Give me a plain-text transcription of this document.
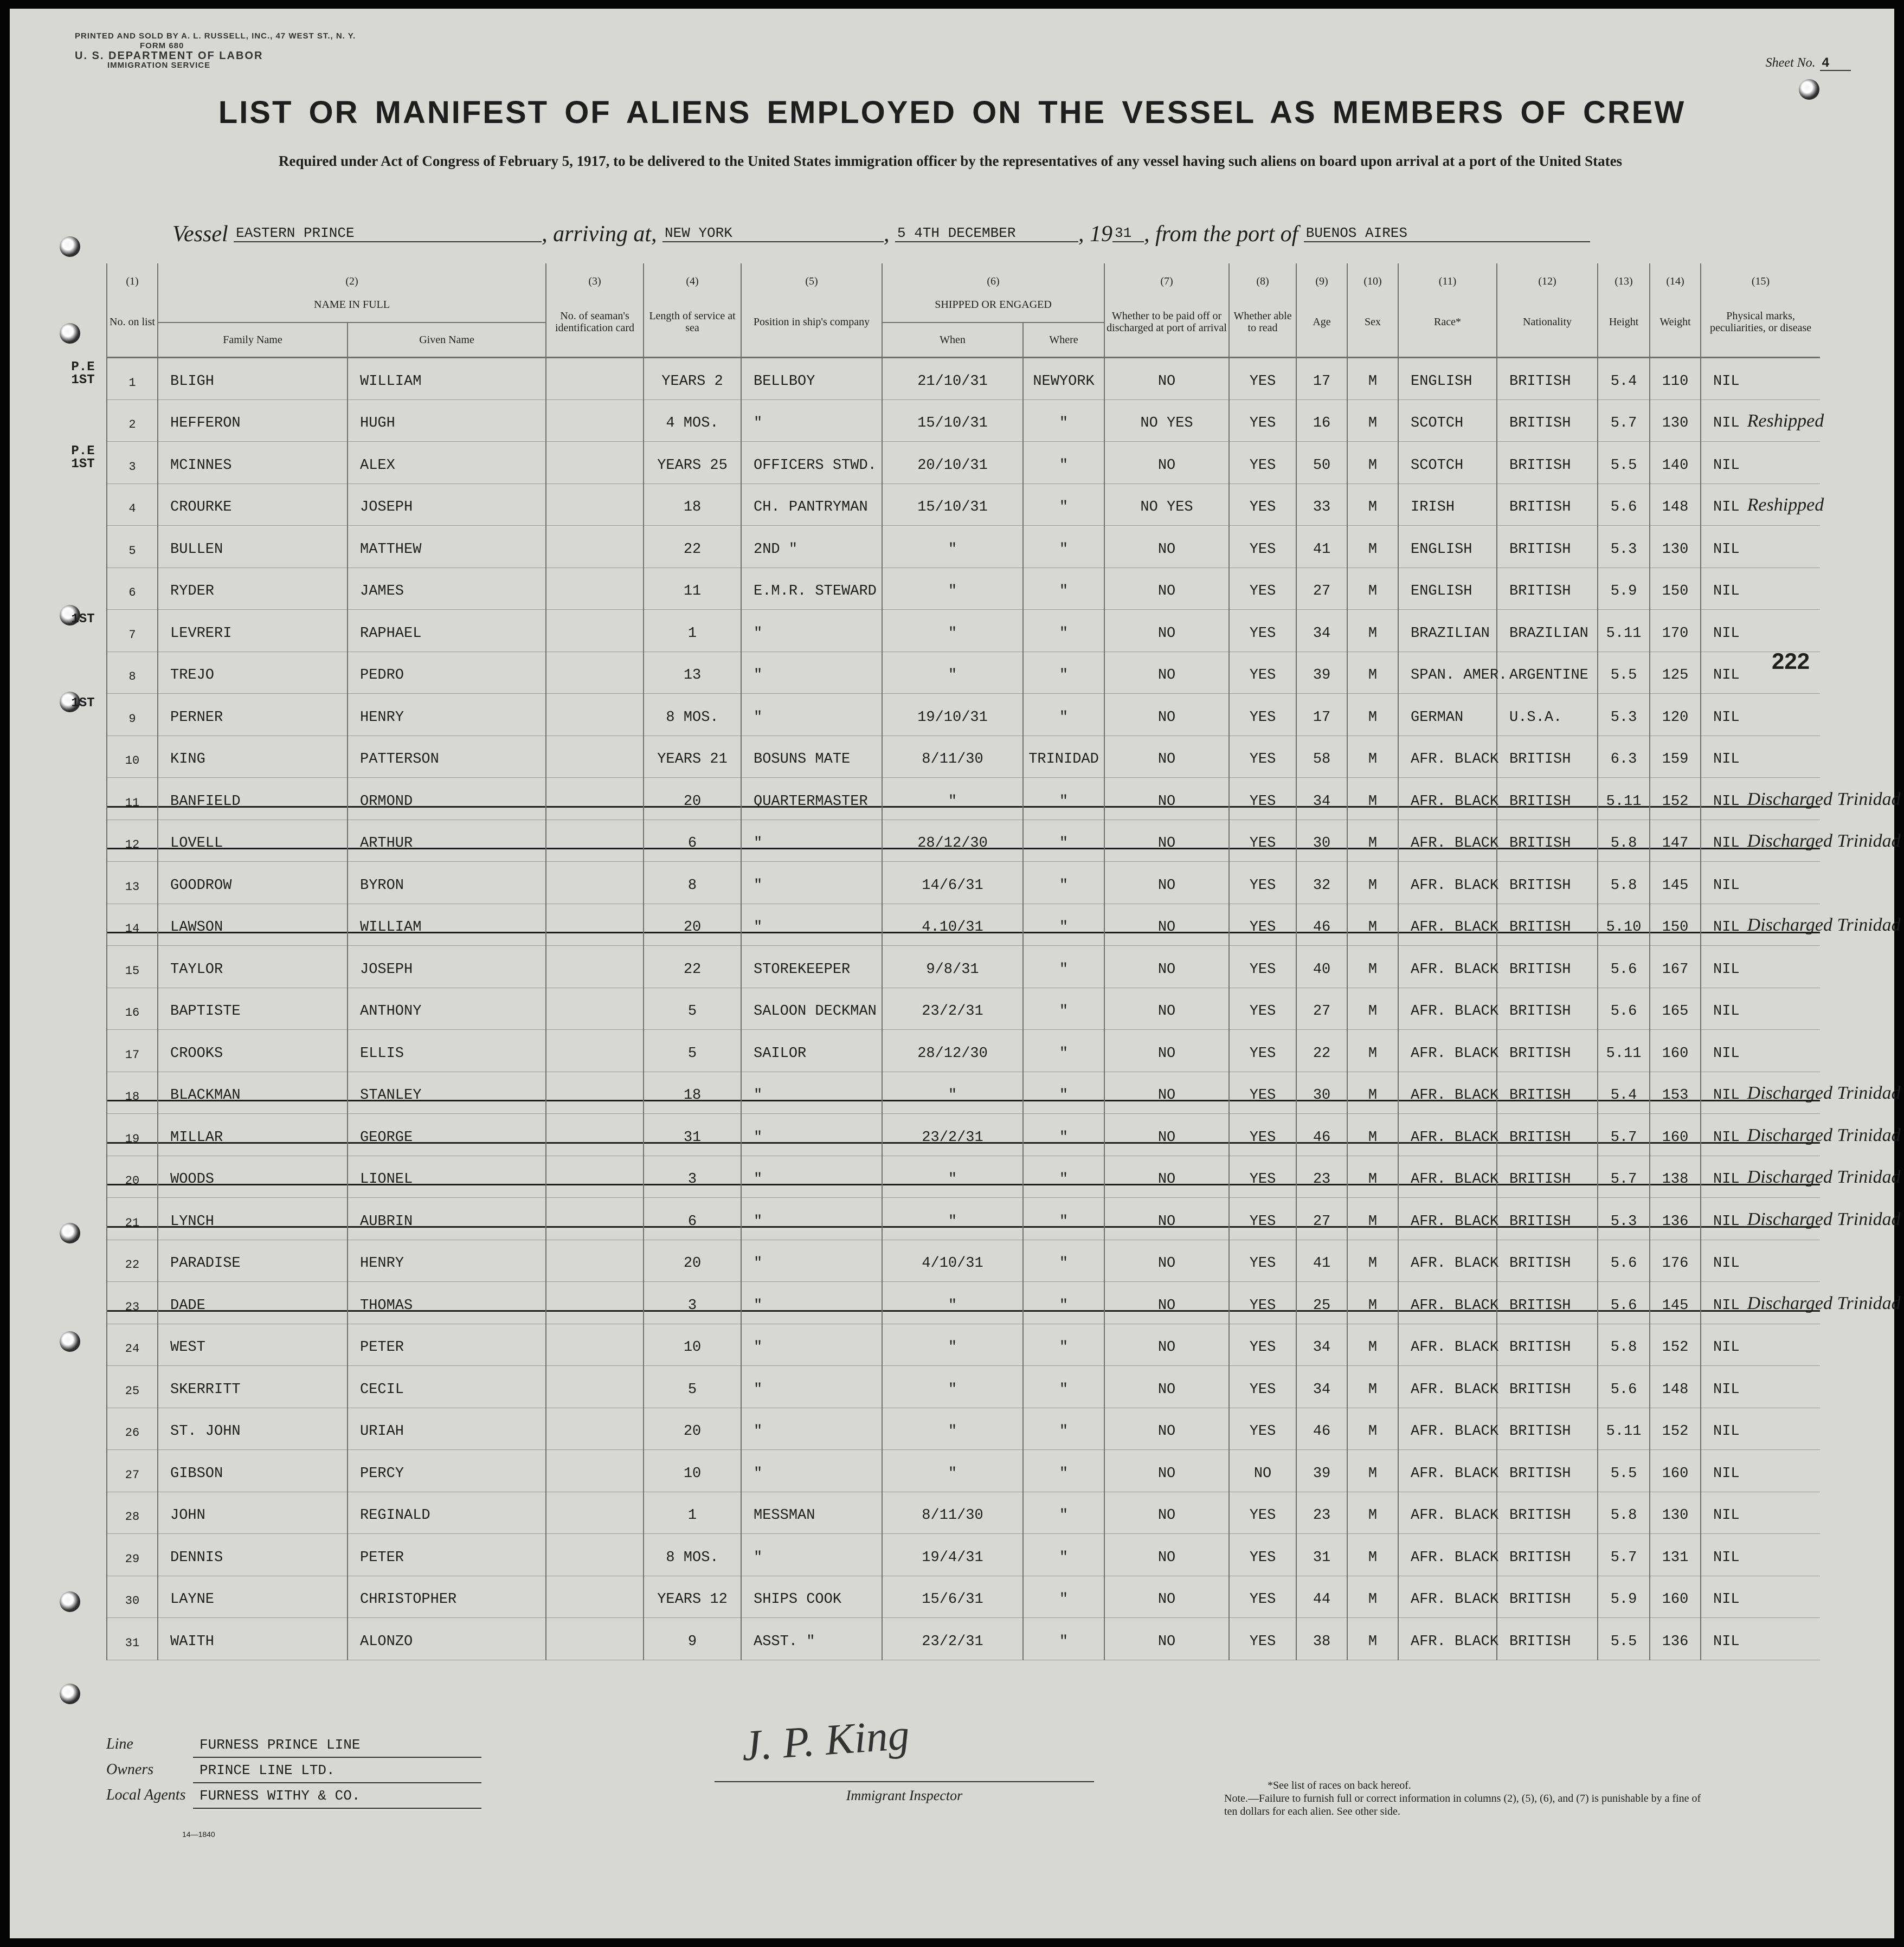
PRINTED AND SOLD BY A. L. RUSSELL, INC., 47 WEST ST., N. Y.
FORM 680
U. S. DEPARTMENT OF LABOR
IMMIGRATION SERVICE	Sheet No. 4
LIST OR MANIFEST OF ALIENS EMPLOYED ON THE VESSEL AS MEMBERS OF CREW
Required under Act of Congress of February 5, 1917, to be delivered to the United States immigration officer by the representatives of any vessel having such aliens on board upon arrival at a port of the United States
Vessel EASTERN PRINCE	, arriving at, NEW YORK	, 5 4TH DECEMBER	, 19 31 , from the port of BUENOS AIRES
(1)	(2)		(3)	(4)	(5)	(6)		(7)	(8)	(9)	(10)	(11)	(12)	(13)	(14)	(15)
No. on list	NAME IN FULL		No. of seaman's identification card	Length of service at sea	Position in ship's company	SHIPPED OR ENGAGED		Whether to be paid off or discharged at port of arrival	Whether able to read	Age	Sex	Race*	Nationality	Height	Weight	Physical marks, peculiarities, or disease
	Family Name	Given Name				When	Where									
1	BLIGH	WILLIAM		YEARS 2	BELLBOY	21/10/31	NEWYORK	NO	YES	17	M	ENGLISH	BRITISH	5.4	110	NIL
2	HEFFERON	HUGH		4 MOS.	"	15/10/31	"	NO YES	YES	16	M	SCOTCH	BRITISH	5.7	130	NIL Reshipped
3	MCINNES	ALEX		YEARS 25	OFFICERS STWD.	20/10/31	"	NO	YES	50	M	SCOTCH	BRITISH	5.5	140	NIL
4	CROURKE	JOSEPH		18	CH. PANTRYMAN	15/10/31	"	NO YES	YES	33	M	IRISH	BRITISH	5.6	148	NIL Reshipped
5	BULLEN	MATTHEW		22	2ND "	"	"	NO	YES	41	M	ENGLISH	BRITISH	5.3	130	NIL
6	RYDER	JAMES		11	E.M.R. STEWARD	"	"	NO	YES	27	M	ENGLISH	BRITISH	5.9	150	NIL
7	LEVRERI	RAPHAEL		1	"	"	"	NO	YES	34	M	BRAZILIAN	BRAZILIAN	5.11	170	NIL
8	TREJO	PEDRO		13	"	"	"	NO	YES	39	M	SPAN. AMER.	ARGENTINE	5.5	125	NIL
9	PERNER	HENRY		8 MOS.	"	19/10/31	"	NO	YES	17	M	GERMAN	U.S.A.	5.3	120	NIL
10	KING	PATTERSON		YEARS 21	BOSUNS MATE	8/11/30	TRINIDAD	NO	YES	58	M	AFR. BLACK	BRITISH	6.3	159	NIL
11	BANFIELD	ORMOND		20	QUARTERMASTER	"	"	NO	YES	34	M	AFR. BLACK	BRITISH	5.11	152	NIL Discharged Trinidad
12	LOVELL	ARTHUR		6	"	28/12/30	"	NO	YES	30	M	AFR. BLACK	BRITISH	5.8	147	NIL Discharged Trinidad
13	GOODROW	BYRON		8	"	14/6/31	"	NO	YES	32	M	AFR. BLACK	BRITISH	5.8	145	NIL
14	LAWSON	WILLIAM		20	"	4.10/31	"	NO	YES	46	M	AFR. BLACK	BRITISH	5.10	150	NIL Discharged Trinidad
15	TAYLOR	JOSEPH		22	STOREKEEPER	9/8/31	"	NO	YES	40	M	AFR. BLACK	BRITISH	5.6	167	NIL
16	BAPTISTE	ANTHONY		5	SALOON DECKMAN	23/2/31	"	NO	YES	27	M	AFR. BLACK	BRITISH	5.6	165	NIL
17	CROOKS	ELLIS		5	SAILOR	28/12/30	"	NO	YES	22	M	AFR. BLACK	BRITISH	5.11	160	NIL
18	BLACKMAN	STANLEY		18	"	"	"	NO	YES	30	M	AFR. BLACK	BRITISH	5.4	153	NIL Discharged Trinidad
19	MILLAR	GEORGE		31	"	23/2/31	"	NO	YES	46	M	AFR. BLACK	BRITISH	5.7	160	NIL Discharged Trinidad
20	WOODS	LIONEL		3	"	"	"	NO	YES	23	M	AFR. BLACK	BRITISH	5.7	138	NIL Discharged Trinidad
21	LYNCH	AUBRIN		6	"	"	"	NO	YES	27	M	AFR. BLACK	BRITISH	5.3	136	NIL Discharged Trinidad
22	PARADISE	HENRY		20	"	4/10/31	"	NO	YES	41	M	AFR. BLACK	BRITISH	5.6	176	NIL
23	DADE	THOMAS		3	"	"	"	NO	YES	25	M	AFR. BLACK	BRITISH	5.6	145	NIL Discharged Trinidad
24	WEST	PETER		10	"	"	"	NO	YES	34	M	AFR. BLACK	BRITISH	5.8	152	NIL
25	SKERRITT	CECIL		5	"	"	"	NO	YES	34	M	AFR. BLACK	BRITISH	5.6	148	NIL
26	ST. JOHN	URIAH		20	"	"	"	NO	YES	46	M	AFR. BLACK	BRITISH	5.11	152	NIL
27	GIBSON	PERCY		10	"	"	"	NO	NO	39	M	AFR. BLACK	BRITISH	5.5	160	NIL
28	JOHN	REGINALD		1	MESSMAN	8/11/30	"	NO	YES	23	M	AFR. BLACK	BRITISH	5.8	130	NIL
29	DENNIS	PETER		8 MOS.	"	19/4/31	"	NO	YES	31	M	AFR. BLACK	BRITISH	5.7	131	NIL
30	LAYNE	CHRISTOPHER		YEARS 12	SHIPS COOK	15/6/31	"	NO	YES	44	M	AFR. BLACK	BRITISH	5.9	160	NIL
31	WAITH	ALONZO		9	ASST. "	23/2/31	"	NO	YES	38	M	AFR. BLACK	BRITISH	5.5	136	NIL
222
Line	FURNESS PRINCE LINE
Owners	PRINCE LINE LTD.
Local Agents FURNESS WITHY & CO.
J. P. King
Immigrant Inspector
*See list of races on back hereof.
Note.—Failure to furnish full or correct information in columns (2), (5), (6), and (7) is punishable by a fine of ten dollars for each alien. See other side.
14—1840
P.E 1ST
P.E 1ST
1ST
1ST
